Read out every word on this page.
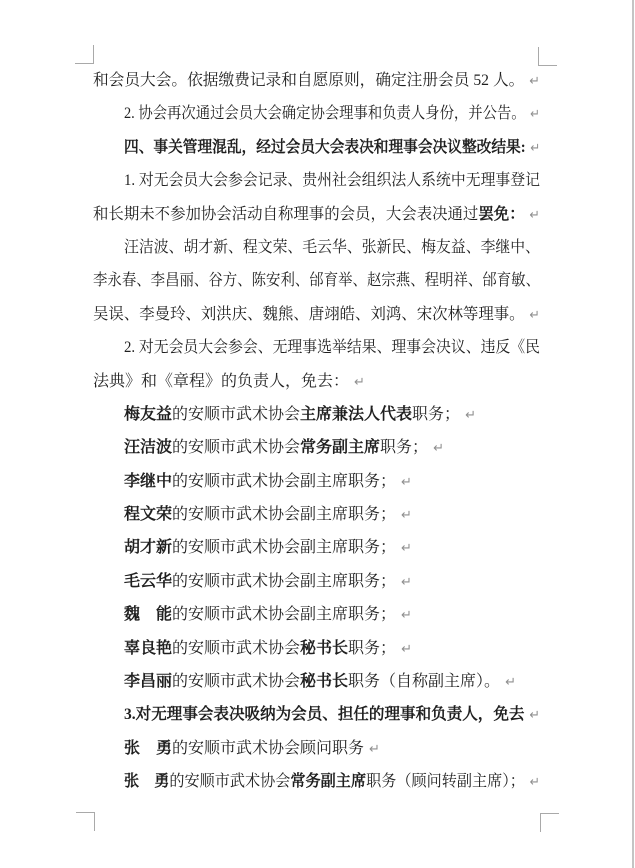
和会员大会。依据缴费记录和自愿原则，确定注册会员 52 人。 ↵
2. 协会再次通过会员大会确定协会理事和负责人身份，并公告。 ↵
四、事关管理混乱，经过会员大会表决和理事会决议整改结果: ↵
1. 对无会员大会参会记录、贵州社会组织法人系统中无理事登记
和长期未不参加协会活动自称理事的会员，大会表决通过罢免： ↵
汪洁波、胡才新、程文荣、毛云华、张新民、梅友益、李继中、
李永春、李昌丽、谷方、陈安利、邰育举、赵宗燕、程明祥、邰育敏、
吴误、李曼玲、刘洪庆、魏熊、唐翊皓、刘鸿、宋次林等理事。 ↵
2. 对无会员大会参会、无理事选举结果、理事会决议、违反《民
法典》和《章程》的负责人，免去： ↵
梅友益的安顺市武术协会主席兼法人代表职务； ↵
汪洁波的安顺市武术协会常务副主席职务； ↵
李继中的安顺市武术协会副主席职务； ↵
程文荣的安顺市武术协会副主席职务； ↵
胡才新的安顺市武术协会副主席职务； ↵
毛云华的安顺市武术协会副主席职务； ↵
魏　能的安顺市武术协会副主席职务； ↵
辜良艳的安顺市武术协会秘书长职务； ↵
李昌丽的安顺市武术协会秘书长职务（自称副主席）。 ↵
3.对无理事会表决吸纳为会员、担任的理事和负责人，免去 ↵
张　勇的安顺市武术协会顾问职务 ↵
张　勇的安顺市武术协会常务副主席职务（顾问转副主席）； ↵
